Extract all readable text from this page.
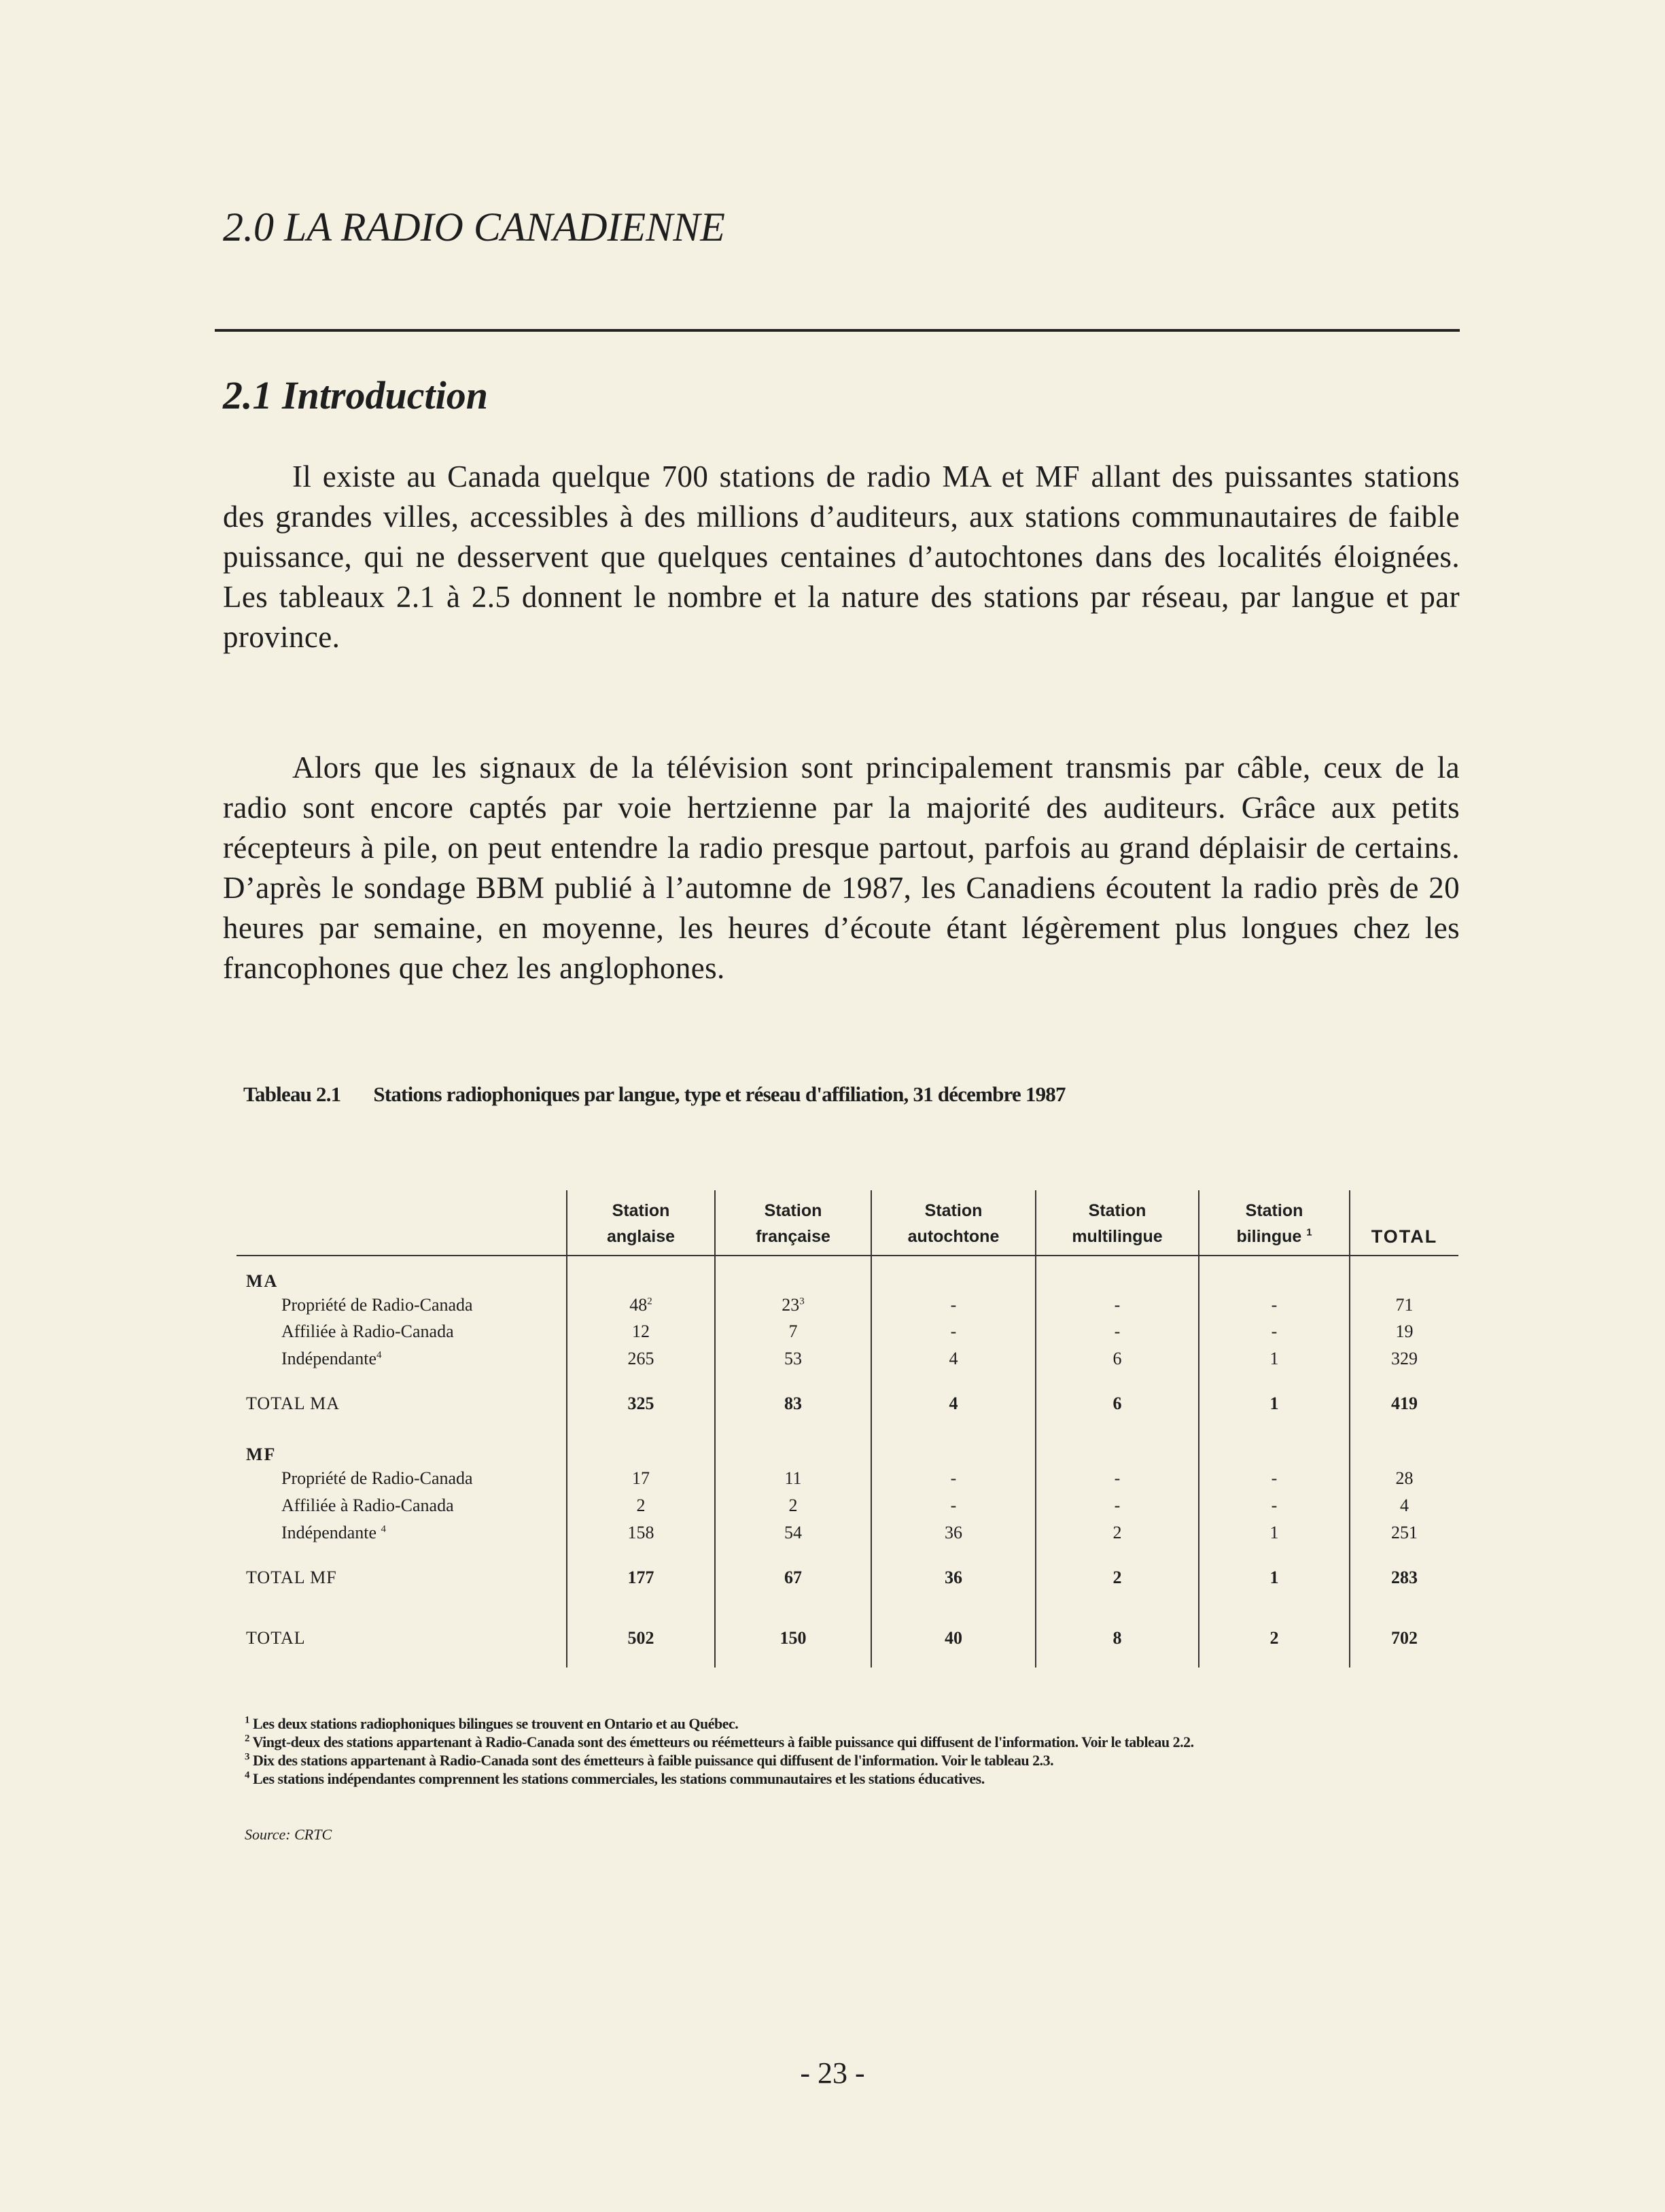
2.0 LA RADIO CANADIENNE
2.1 Introduction

Il existe au Canada quelque 700 stations de radio MA et MF allant des puissantes stations des grandes villes, accessibles à des millions d’auditeurs, aux stations communautaires de faible puissance, qui ne desservent que quelques centaines d’autochtones dans des localités éloignées. Les tableaux 2.1 à 2.5 donnent le nombre et la nature des stations par réseau, par langue et par province.

Alors que les signaux de la télévision sont principalement transmis par câble, ceux de la radio sont encore captés par voie hertzienne par la majorité des auditeurs. Grâce aux petits récepteurs à pile, on peut entendre la radio presque partout, parfois au grand déplaisir de certains. D’après le sondage BBM publié à l’automne de 1987, les Canadiens écoutent la radio près de 20 heures par semaine, en moyenne, les heures d’écoute étant légèrement plus longues chez les francophones que chez les anglophones.

Tableau 2.1 Stations radiophoniques par langue, type et réseau d'affiliation, 31 décembre 1987
	Station
anglaise	Station
française	Station
autochtone	Station
multilingue	Station
bilingue $^1$	TOTAL
MA						
Propriété de Radio-Canada	$48^2$	$23^3$	-	-	-	71
Affiliée à Radio-Canada	12	7	-	-	-	19
Indépendante$^4$	265	53	4	6	1	329
TOTAL MA	325	83	4	6	1	419
MF						
Propriété de Radio-Canada	17	11	-	-	-	28
Affiliée à Radio-Canada	2	2	-	-	-	4
Indépendante $^4$	158	54	36	2	1	251
TOTAL MF	177	67	36	2	1	283
TOTAL	502	150	40	8	2	702
$^1$ Les deux stations radiophoniques bilingues se trouvent en Ontario et au Québec.
$^2$ Vingt-deux des stations appartenant à Radio-Canada sont des émetteurs ou réémetteurs à faible puissance qui diffusent de l'information. Voir le tableau 2.2.
$^3$ Dix des stations appartenant à Radio-Canada sont des émetteurs à faible puissance qui diffusent de l'information. Voir le tableau 2.3.
$^4$ Les stations indépendantes comprennent les stations commerciales, les stations communautaires et les stations éducatives.
Source: CRTC
- 23 -
